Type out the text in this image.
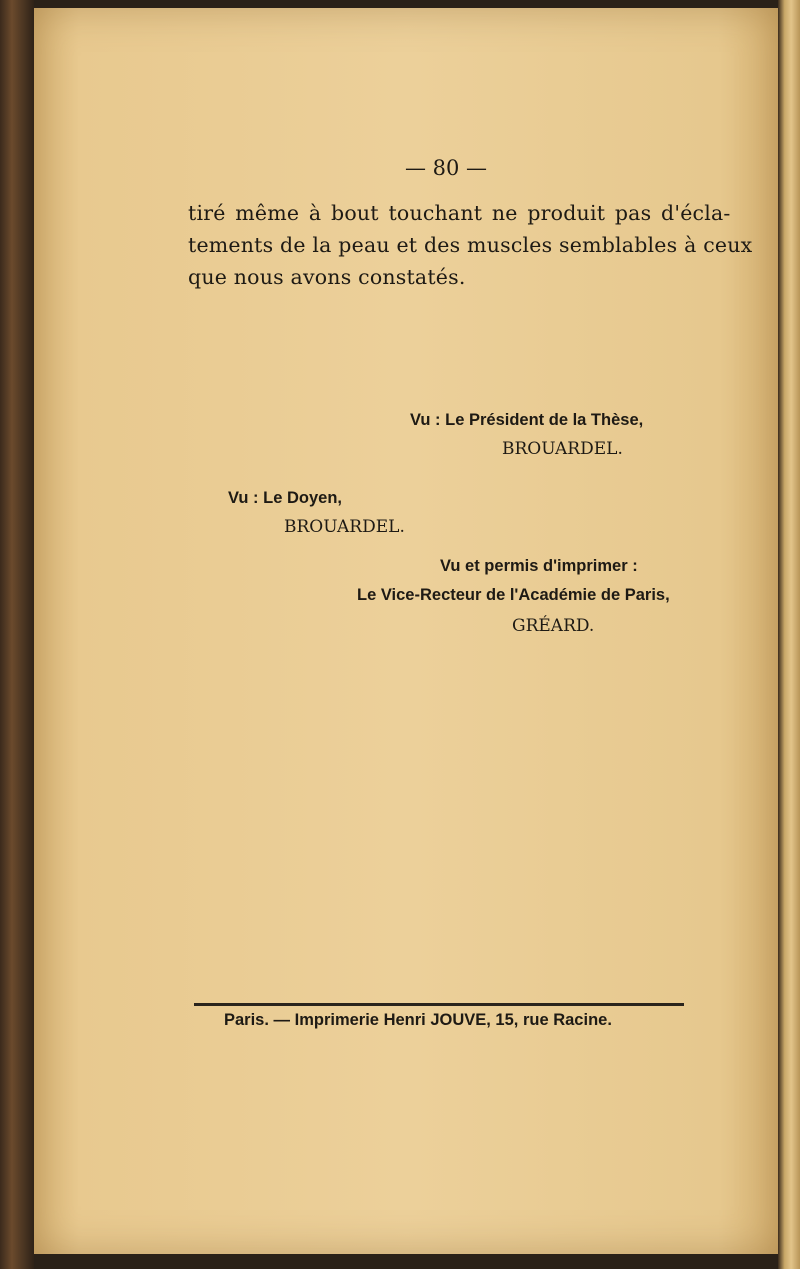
— 80 —
tiré même à bout touchant ne produit pas d'écla-
tements de la peau et des muscles semblables à ceux
que nous avons constatés.
Vu : Le Président de la Thèse,
BROUARDEL.
Vu : Le Doyen,
BROUARDEL.
Vu et permis d'imprimer :
Le Vice-Recteur de l'Académie de Paris,
GRÉARD.
Paris. — Imprimerie Henri JOUVE, 15, rue Racine.
